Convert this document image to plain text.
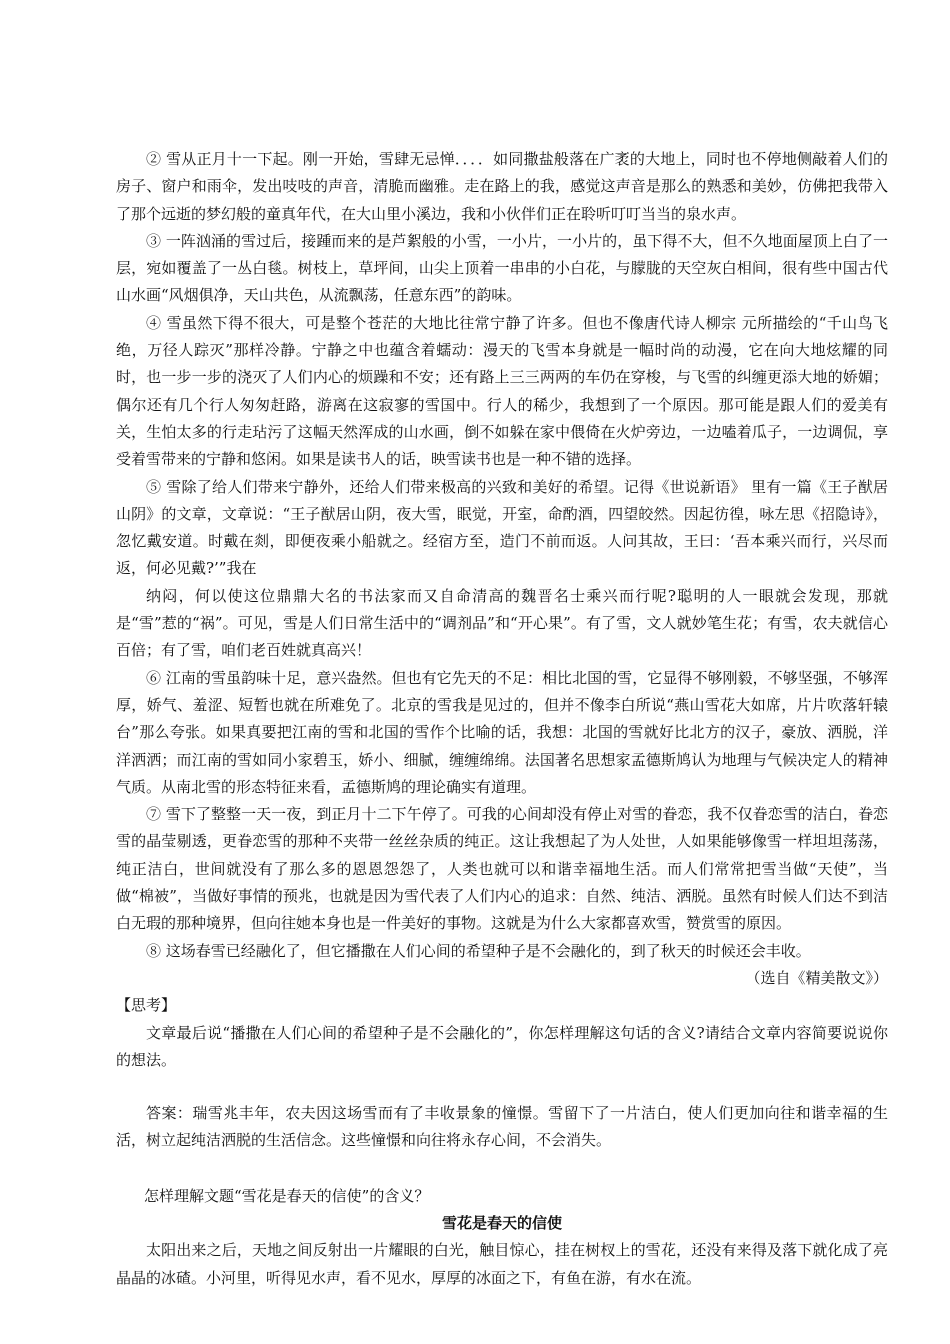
② 雪从正月十一下起。刚一开始，雪肆无忌惮．．．．如同撒盐般落在广袤的大地上，同时也不停地侧敲着人们的房子、窗户和雨伞，发出吱吱的声音，清脆而幽雅。走在路上的我，感觉这声音是那么的熟悉和美妙，仿佛把我带入了那个远逝的梦幻般的童真年代，在大山里小溪边，我和小伙伴们正在聆听叮叮当当的泉水声。

③ 一阵汹涌的雪过后，接踵而来的是芦絮般的小雪，一小片，一小片的，虽下得不大，但不久地面屋顶上白了一层，宛如覆盖了一丛白毯。树枝上，草坪间，山尖上顶着一串串的小白花，与朦胧的天空灰白相间，很有些中国古代山水画“风烟俱净，天山共色，从流飘荡，任意东西”的韵味。

④ 雪虽然下得不很大，可是整个苍茫的大地比往常宁静了许多。但也不像唐代诗人柳宗 元所描绘的“千山鸟飞绝，万径人踪灭”那样冷静。宁静之中也蕴含着蠕动：漫天的飞雪本身就是一幅时尚的动漫，它在向大地炫耀的同时，也一步一步的浇灭了人们内心的烦躁和不安；还有路上三三两两的车仍在穿梭，与飞雪的纠缠更添大地的娇媚；偶尔还有几个行人匆匆赶路，游离在这寂寥的雪国中。行人的稀少，我想到了一个原因。那可能是跟人们的爱美有关，生怕太多的行走玷污了这幅天然浑成的山水画，倒不如躲在家中偎倚在火炉旁边，一边嗑着瓜子，一边调侃，享受着雪带来的宁静和悠闲。如果是读书人的话，映雪读书也是一种不错的选择。

⑤ 雪除了给人们带来宁静外，还给人们带来极高的兴致和美好的希望。记得《世说新语》 里有一篇《王子猷居山阴》的文章，文章说：“王子猷居山阴，夜大雪，眠觉，开室，命酌酒，四望皎然。因起彷徨，咏左思《招隐诗》，忽忆戴安道。时戴在剡，即便夜乘小船就之。经宿方至，造门不前而返。人问其故，王曰：‘吾本乘兴而行，兴尽而返，何必见戴?’”我在

纳闷，何以使这位鼎鼎大名的书法家而又自命清高的魏晋名士乘兴而行呢?聪明的人一眼就会发现，那就是“雪”惹的“祸”。可见，雪是人们日常生活中的“调剂品”和“开心果”。有了雪，文人就妙笔生花；有雪，农夫就信心百倍；有了雪，咱们老百姓就真高兴！

⑥ 江南的雪虽韵味十足，意兴盎然。但也有它先天的不足：相比北国的雪，它显得不够刚毅，不够坚强，不够浑厚，娇气、羞涩、短暂也就在所难免了。北京的雪我是见过的，但并不像李白所说“燕山雪花大如席，片片吹落轩辕台”那么夸张。如果真要把江南的雪和北国的雪作个比喻的话，我想：北国的雪就好比北方的汉子，豪放、洒脱，洋洋洒洒；而江南的雪如同小家碧玉，娇小、细腻，缠缠绵绵。法国著名思想家孟德斯鸠认为地理与气候决定人的精神气质。从南北雪的形态特征来看，孟德斯鸠的理论确实有道理。

⑦ 雪下了整整一天一夜，到正月十二下午停了。可我的心间却没有停止对雪的眷恋，我不仅眷恋雪的洁白，眷恋雪的晶莹剔透，更眷恋雪的那种不夹带一丝丝杂质的纯正。这让我想起了为人处世，人如果能够像雪一样坦坦荡荡，纯正洁白，世间就没有了那么多的恩恩怨怨了，人类也就可以和谐幸福地生活。而人们常常把雪当做“天使”，当做“棉被”，当做好事情的预兆，也就是因为雪代表了人们内心的追求：自然、纯洁、洒脱。虽然有时候人们达不到洁白无瑕的那种境界，但向往她本身也是一件美好的事物。这就是为什么大家都喜欢雪，赞赏雪的原因。

⑧ 这场春雪已经融化了，但它播撒在人们心间的希望种子是不会融化的，到了秋天的时候还会丰收。

（选自《精美散文》）

【思考】

文章最后说“播撒在人们心间的希望种子是不会融化的”，你怎样理解这句话的含义?请结合文章内容简要说说你的想法。

答案：瑞雪兆丰年，农夫因这场雪而有了丰收景象的憧憬。雪留下了一片洁白，使人们更加向往和谐幸福的生活，树立起纯洁洒脱的生活信念。这些憧憬和向往将永存心间，不会消失。

怎样理解文题“雪花是春天的信使”的含义？

雪花是春天的信使

太阳出来之后，天地之间反射出一片耀眼的白光，触目惊心，挂在树杈上的雪花，还没有来得及落下就化成了亮晶晶的冰碴。小河里，听得见水声，看不见水，厚厚的冰面之下，有鱼在游，有水在流。
